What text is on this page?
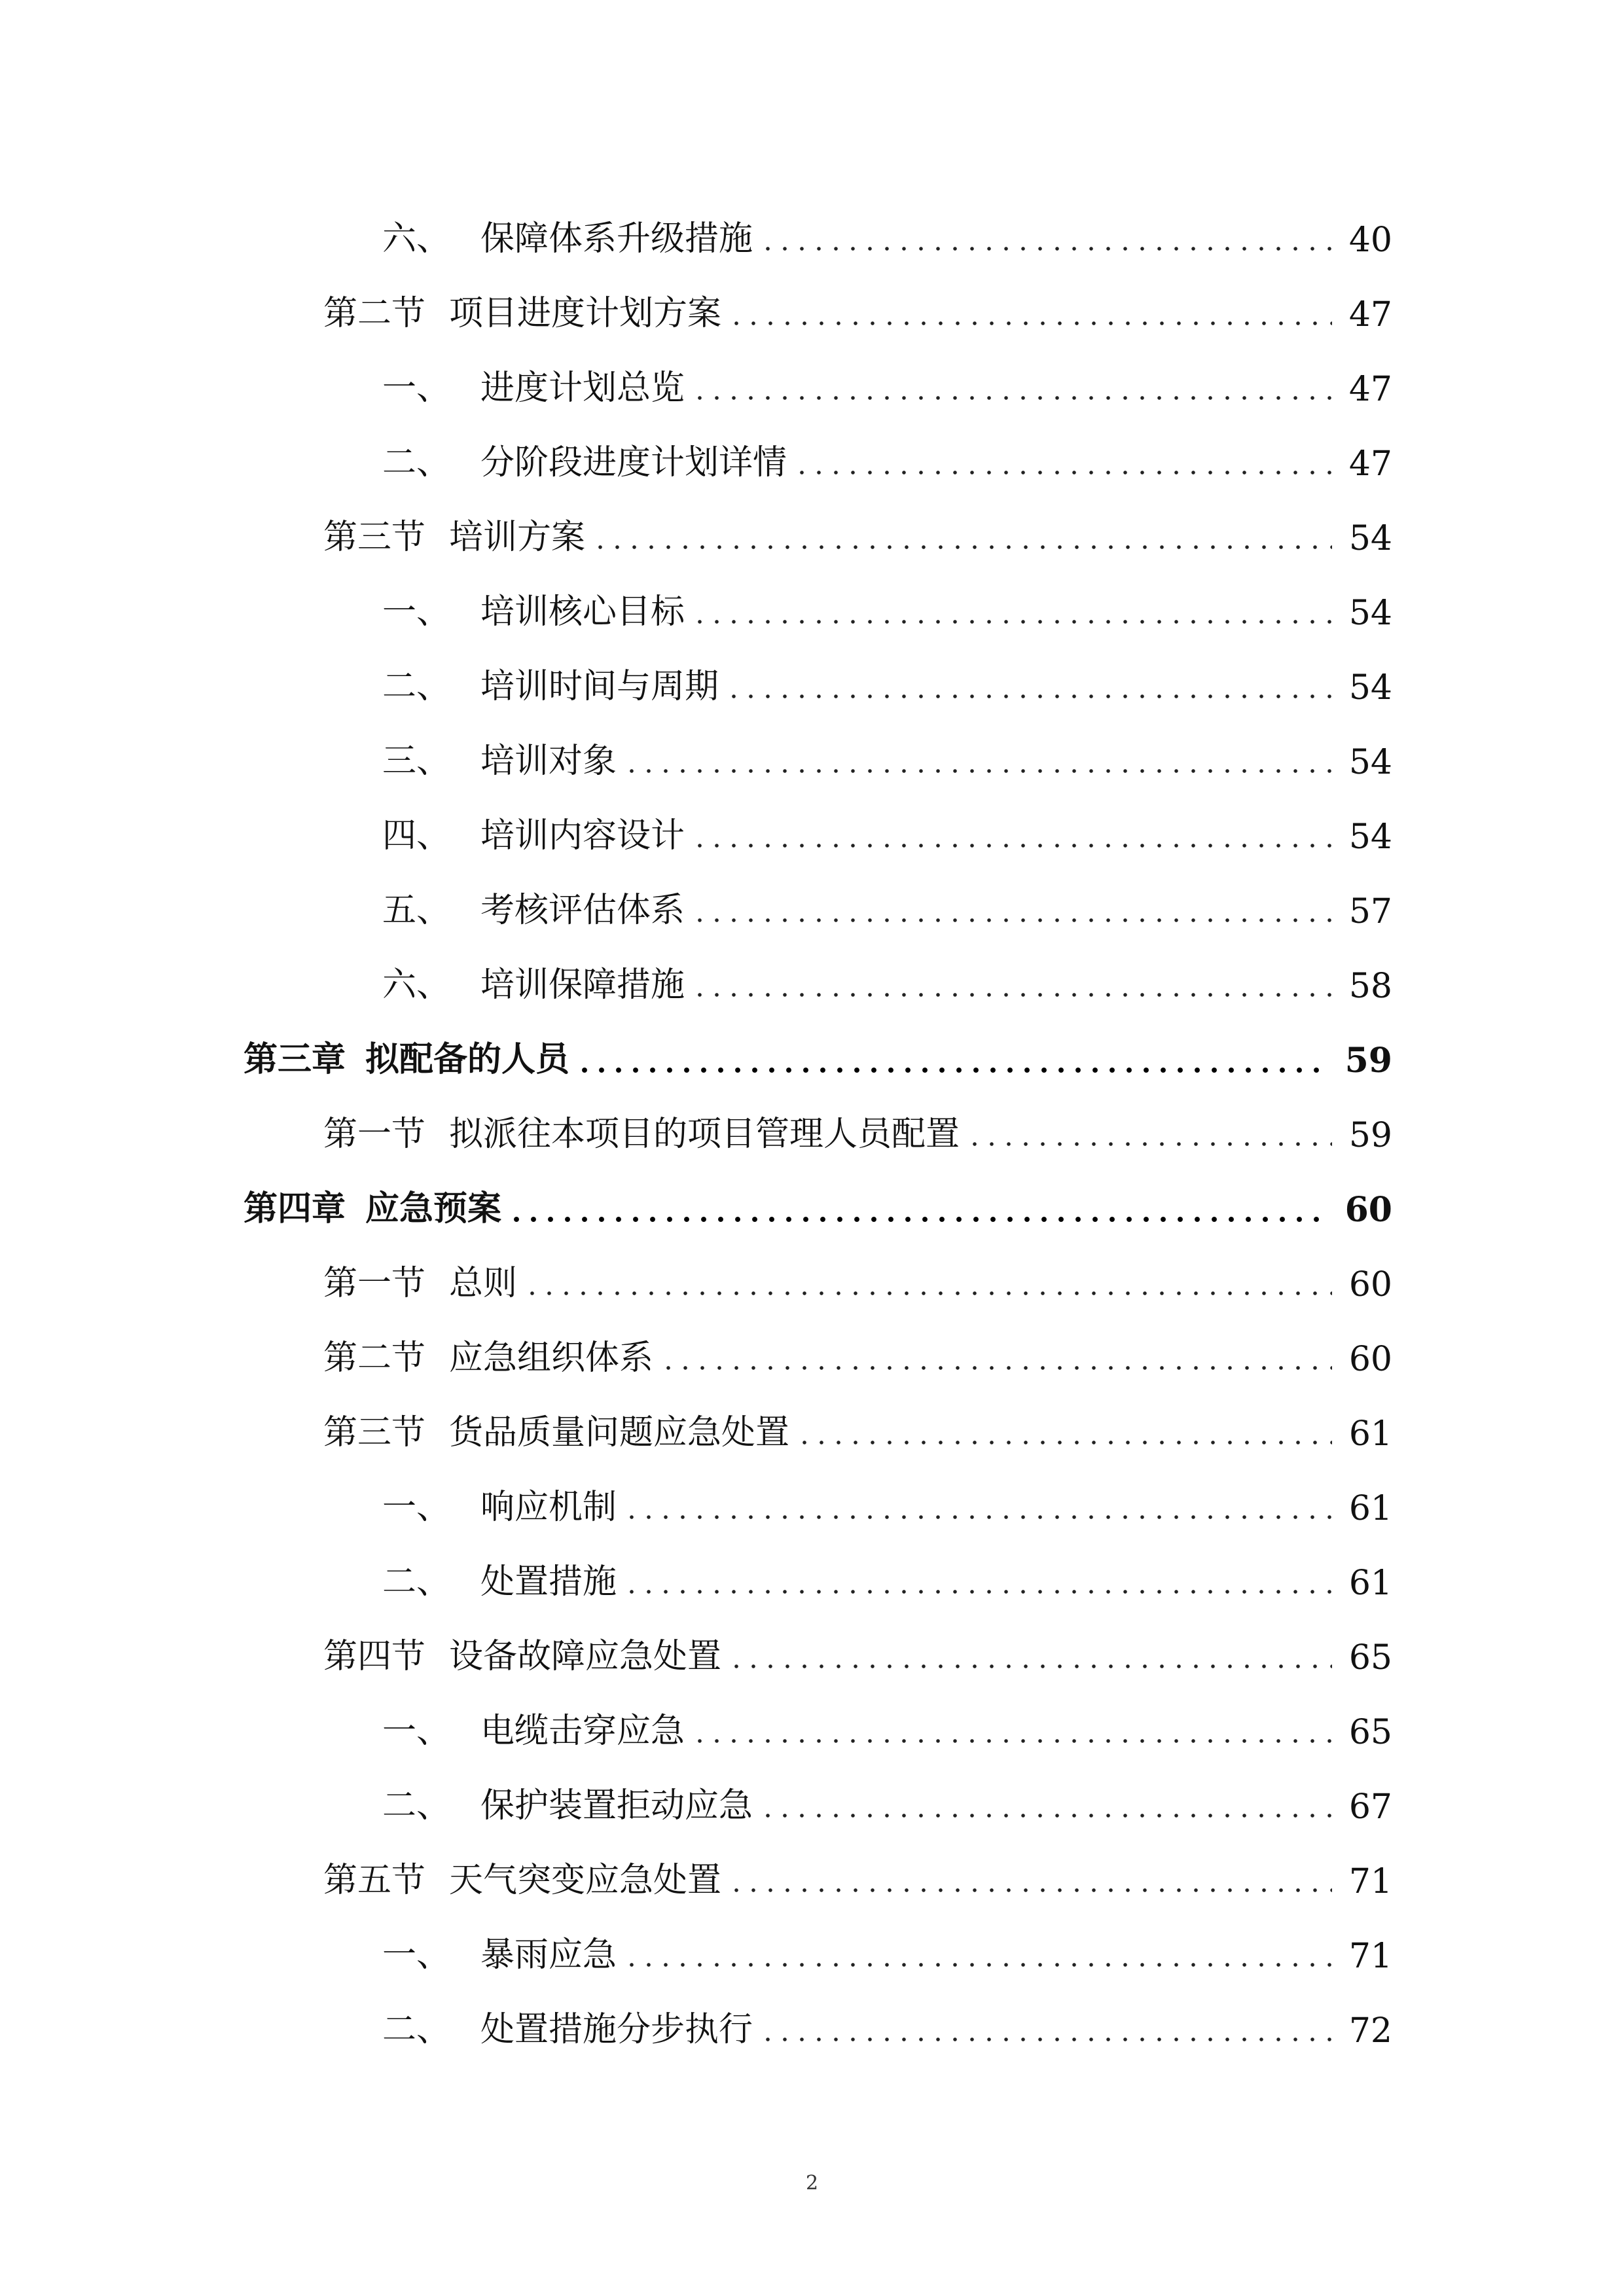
六、 保障体系升级措施	40
第二节 项目进度计划方案	47
一、 进度计划总览	47
二、 分阶段进度计划详情	47
第三节 培训方案	54
一、 培训核心目标	54
二、 培训时间与周期	54
三、 培训对象	54
四、 培训内容设计	54
五、 考核评估体系	57
六、 培训保障措施	58
第三章 拟配备的人员	59
第一节 拟派往本项目的项目管理人员配置	59
第四章 应急预案	60
第一节 总则	60
第二节 应急组织体系	60
第三节 货品质量问题应急处置	61
一、 响应机制	61
二、 处置措施	61
第四节 设备故障应急处置	65
一、 电缆击穿应急	65
二、 保护装置拒动应急	67
第五节 天气突变应急处置	71
一、 暴雨应急	71
二、 处置措施分步执行	72
2
